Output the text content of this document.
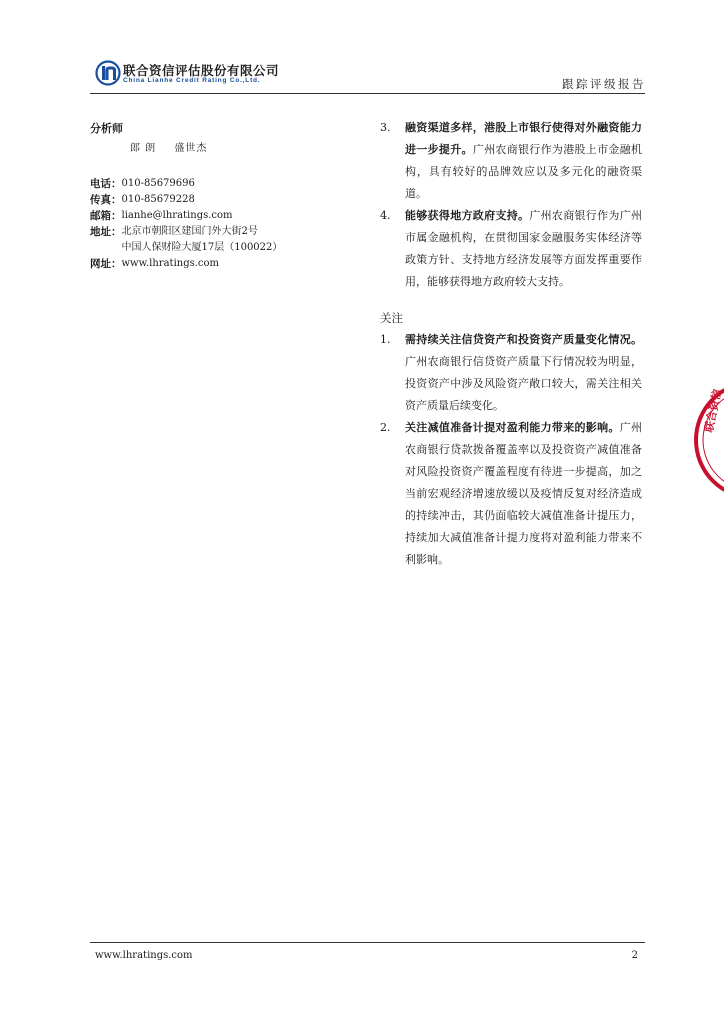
联合资信评估股份有限公司
China Lianhe Credit Rating Co.,Ltd.	跟踪评级报告
分析师
郎 朗 盛世杰
电话： 010-85679696
传真： 010-85679228
邮箱： lianhe@lhratings.com
地址： 北京市朝阳区建国门外大街2号
中国人保财险大厦17层（100022）
网址： www.lhratings.com
3.	融资渠道多样，港股上市银行使得对外融资能力进一步提升。广州农商银行作为港股上市金融机构，具有较好的品牌效应以及多元化的融资渠道。
4.	能够获得地方政府支持。广州农商银行作为广州市属金融机构，在贯彻国家金融服务实体经济等政策方针、支持地方经济发展等方面发挥重要作用，能够获得地方政府较大支持。
关注
1.	需持续关注信贷资产和投资资产质量变化情况。广州农商银行信贷资产质量下行情况较为明显，投资资产中涉及风险资产敞口较大，需关注相关资产质量后续变化。
2.	关注减值准备计提对盈利能力带来的影响。广州农商银行贷款拨备覆盖率以及投资资产减值准备对风险投资资产覆盖程度有待进一步提高，加之当前宏观经济增速放缓以及疫情反复对经济造成的持续冲击，其仍面临较大减值准备计提压力，持续加大减值准备计提力度将对盈利能力带来不利影响。
联合资信
www.lhratings.com	2
